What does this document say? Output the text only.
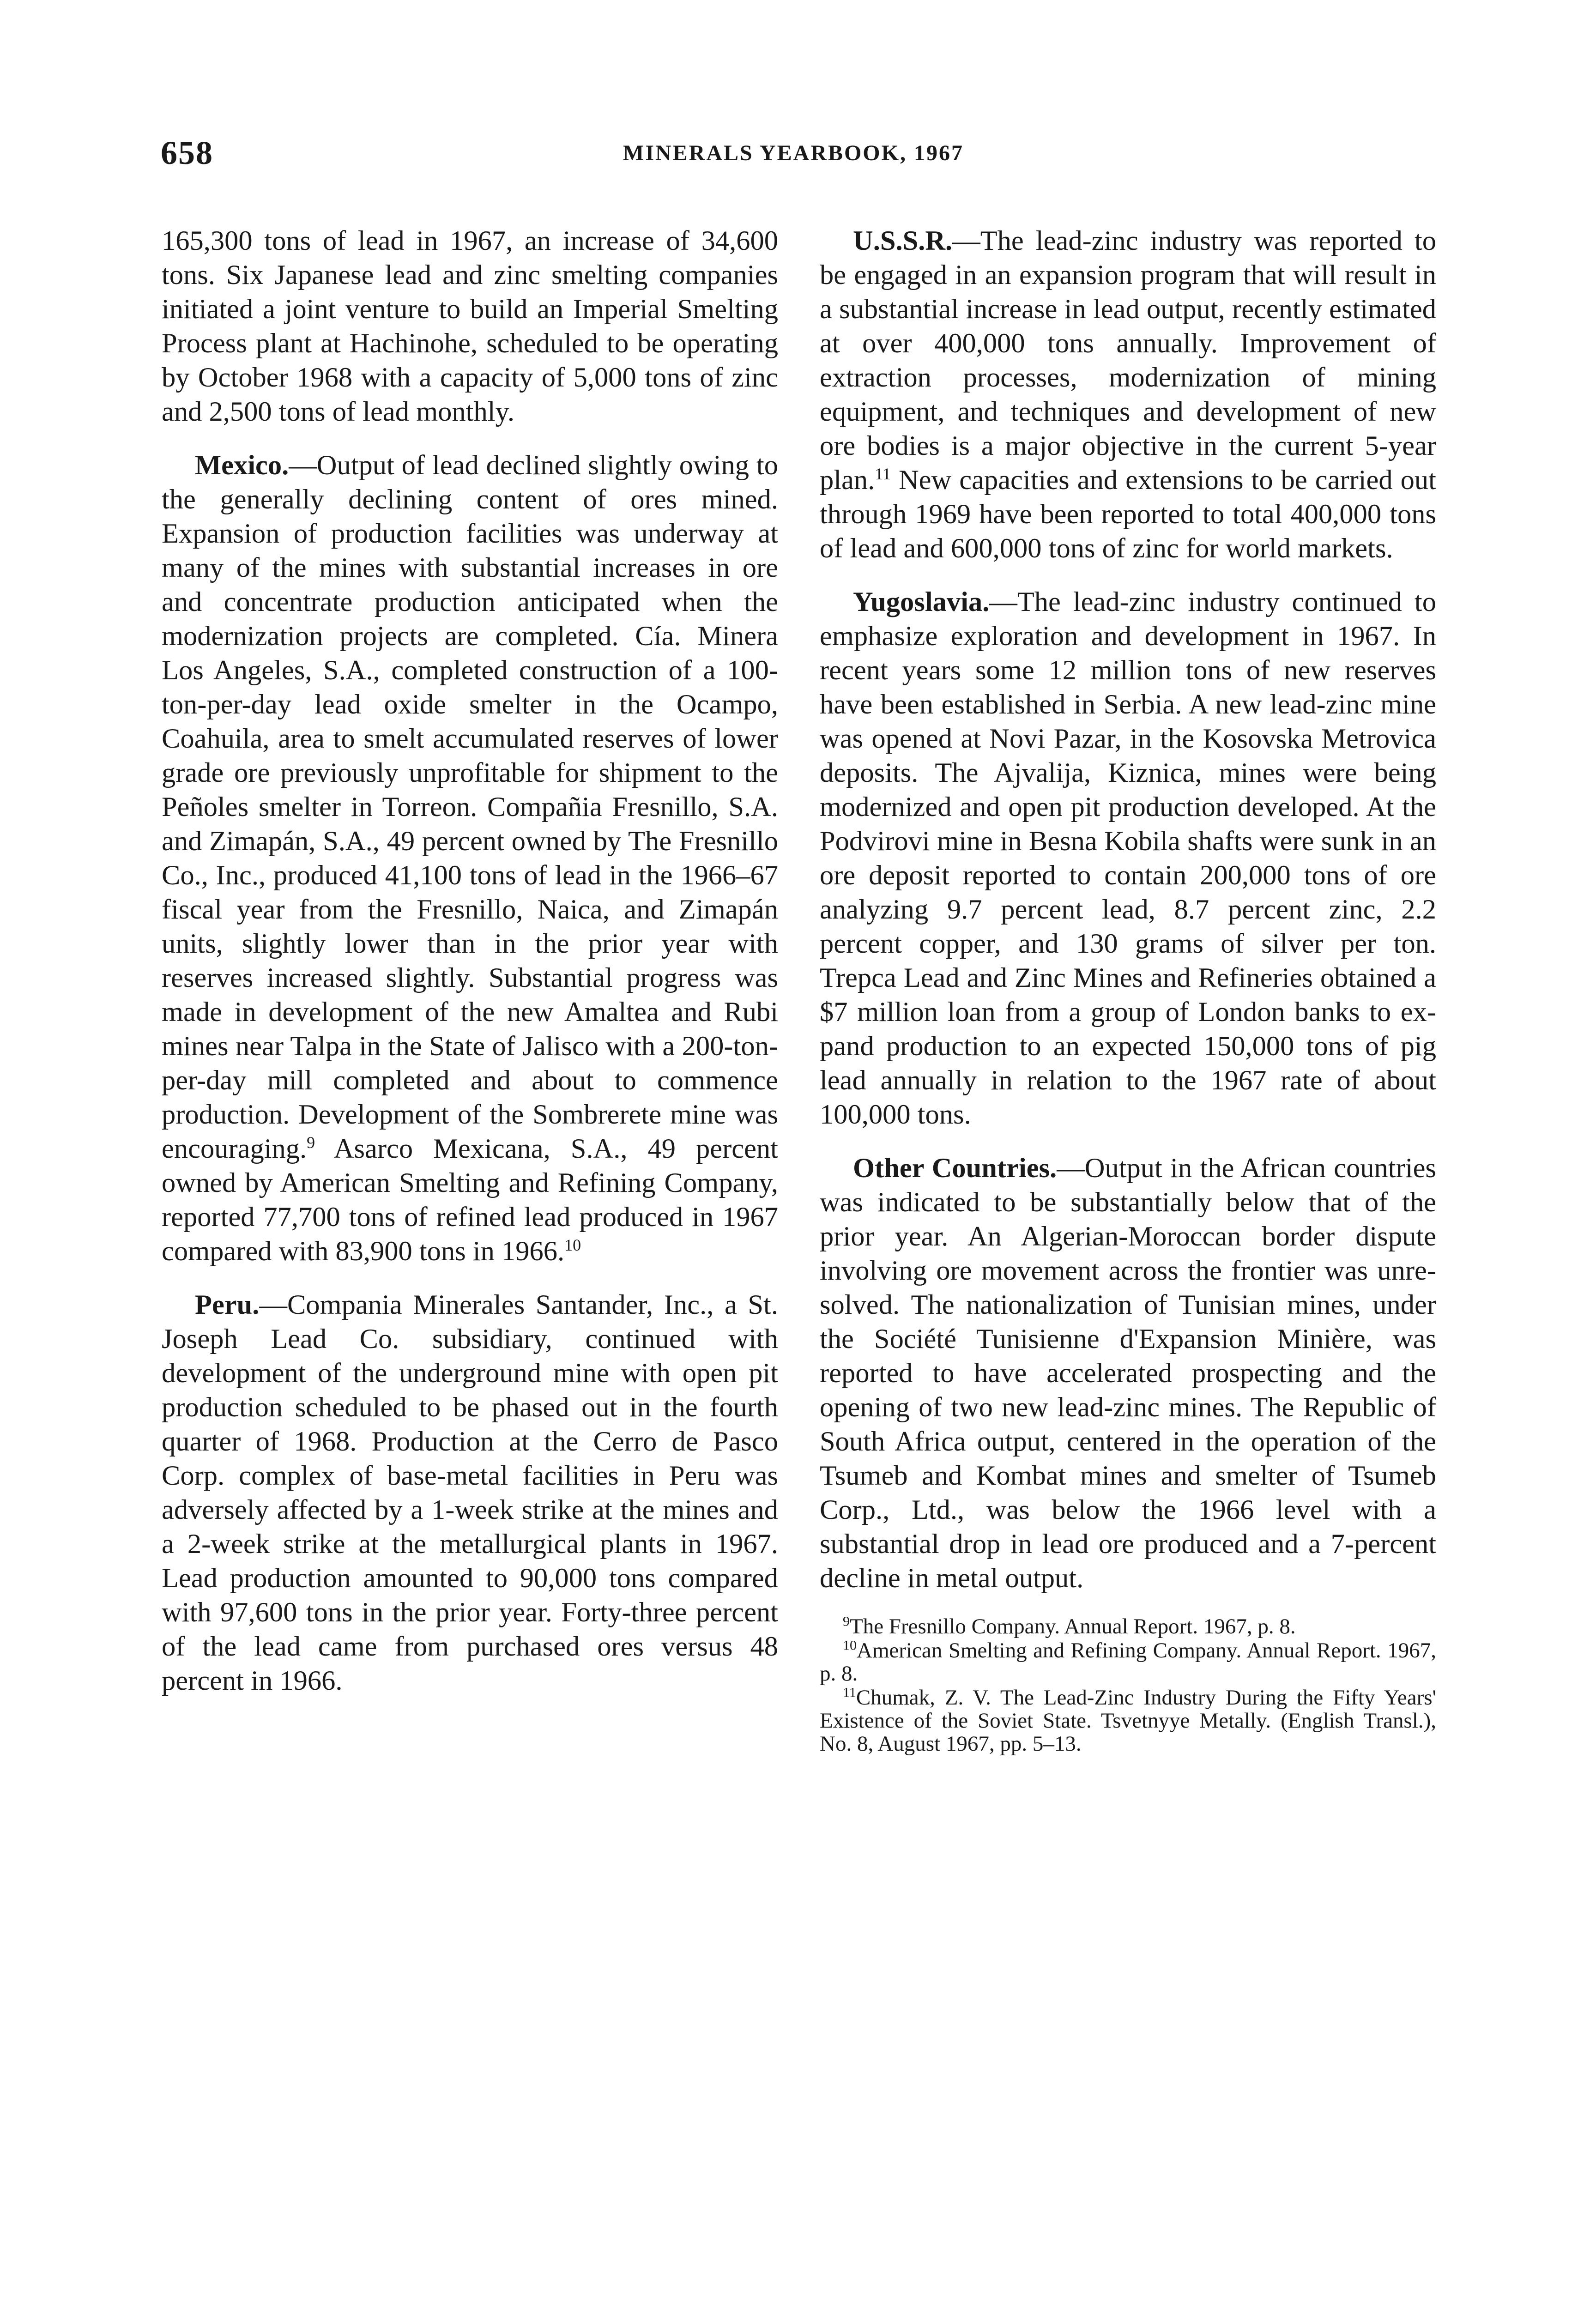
658	MINERALS YEARBOOK, 1967

165,300 tons of lead in 1967, an increase of 34,600 tons. Six Japanese lead and zinc smelting companies initiated a joint venture to build an Imperial Smelting Process plant at Hachinohe, scheduled to be operating by October 1968 with a capacity of 5,000 tons of zinc and 2,500 tons of lead monthly.

Mexico.—Output of lead declined slightly owing to the generally declining content of ores mined. Expansion of production facilities was underway at many of the mines with substantial increases in ore and concentrate production anticipated when the modernization projects are completed. Cía. Minera Los Angeles, S.A., completed construction of a 100-ton-per-day lead oxide smelter in the Ocampo, Coahuila, area to smelt accumulated reserves of lower grade ore previously unprofitable for shipment to the Peñoles smelter in Torreon. Compañia Fresnillo, S.A. and Zimapán, S.A., 49 percent owned by The Fresnillo Co., Inc., produced 41,100 tons of lead in the 1966–67 fiscal year from the Fresnillo, Naica, and Zimapán units, slightly lower than in the prior year with reserves increased slightly. Substantial progress was made in development of the new Amaltea and Rubi mines near Talpa in the State of Jalisco with a 200-ton-per-day mill completed and about to commence production. Development of the Sombrerete mine was encouraging.$^9$ Asarco Mexicana, S.A., 49 percent owned by American Smelting and Refining Company, reported 77,700 tons of refined lead produced in 1967 compared with 83,900 tons in 1966.10

Peru.—Compania Minerales Santander, Inc., a St. Joseph Lead Co. subsidiary, continued with development of the underground mine with open pit production scheduled to be phased out in the fourth quarter of 1968. Production at the Cerro de Pasco Corp. complex of base-metal facilities in Peru was adversely affected by a 1-week strike at the mines and a 2-week strike at the metallurgical plants in 1967. Lead production amounted to 90,000 tons compared with 97,600 tons in the prior year. Forty-three percent of the lead came from purchased ores versus 48 percent in 1966.

U.S.S.R.—The lead-zinc industry was reported to be engaged in an expansion program that will result in a substantial increase in lead output, recently estimated at over 400,000 tons annually. Improvement of extraction processes, modernization of mining equipment, and techniques and development of new ore bodies is a major objective in the current 5-year plan.$^{11}$ New capacities and extensions to be carried out through 1969 have been reported to total 400,000 tons of lead and 600,000 tons of zinc for world markets.

Yugoslavia.—The lead-zinc industry continued to emphasize exploration and development in 1967. In recent years some 12 million tons of new reserves have been established in Serbia. A new lead-zinc mine was opened at Novi Pazar, in the Kosovska Metrovica deposits. The Ajvalija, Kiznica, mines were being modernized and open pit production developed. At the Podvirovi mine in Besna Kobila shafts were sunk in an ore deposit reported to contain 200,000 tons of ore analyzing 9.7 percent lead, 8.7 percent zinc, 2.2 percent copper, and 130 grams of silver per ton. Trepca Lead and Zinc Mines and Refineries obtained a $7 million loan from a group of London banks to expand production to an expected 150,000 tons of pig lead annually in relation to the 1967 rate of about 100,000 tons.

Other Countries.—Output in the African countries was indicated to be substantially below that of the prior year. An Algerian-Moroccan border dispute involving ore movement across the frontier was unresolved. The nationalization of Tunisian mines, under the Société Tunisienne d'Expansion Minière, was reported to have accelerated prospecting and the opening of two new lead-zinc mines. The Republic of South Africa output, centered in the operation of the Tsumeb and Kombat mines and smelter of Tsumeb Corp., Ltd., was below the 1966 level with a substantial drop in lead ore produced and a 7-percent decline in metal output.

$^9$The Fresnillo Company. Annual Report. 1967, p. 8.

$^{10}$American Smelting and Refining Company. Annual Report. 1967, p. 8.

$^{11}$Chumak, Z. V. The Lead-Zinc Industry During the Fifty Years' Existence of the Soviet State. Tsvetnyye Metally. (English Transl.), No. 8, August 1967, pp. 5–13.
